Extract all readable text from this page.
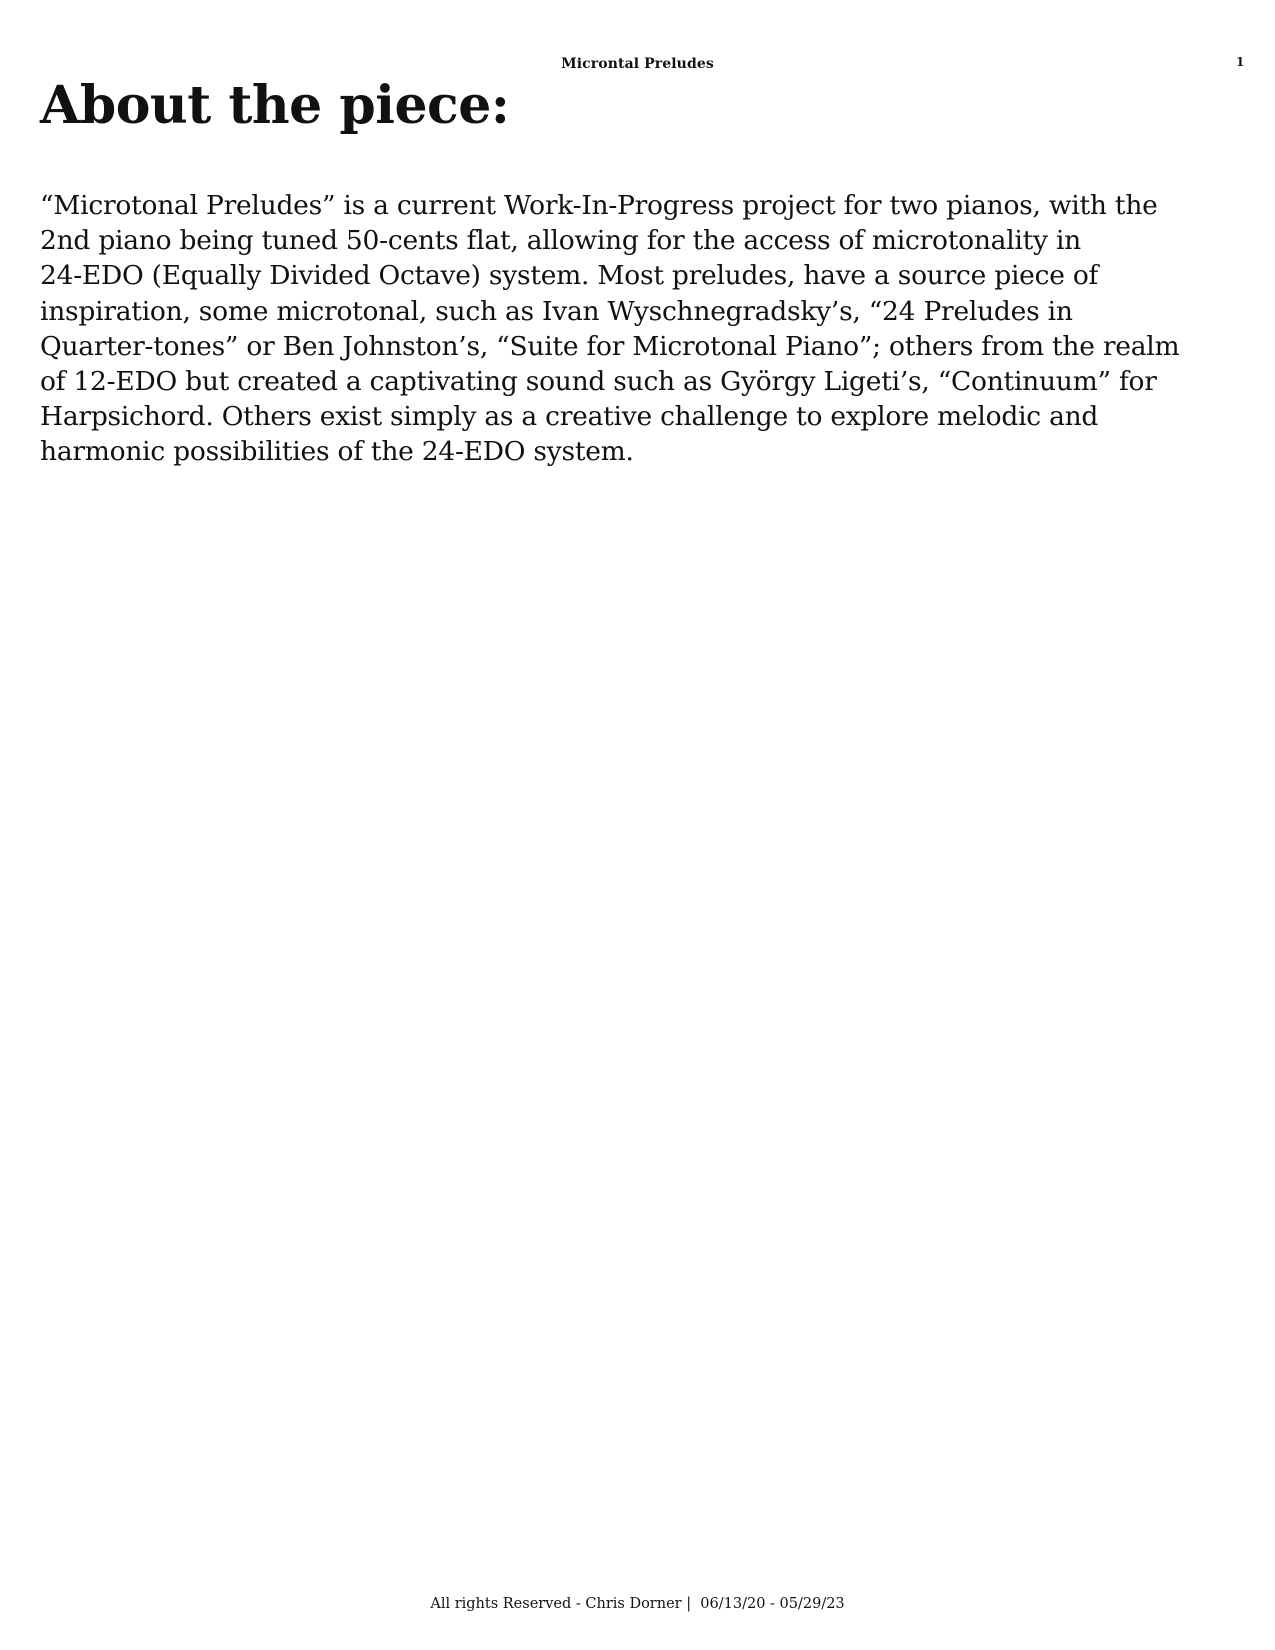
Microntal Preludes	1
About the piece:
“Microtonal Preludes” is a current Work-In-Progress project for two pianos, with the
2nd piano being tuned 50-cents flat, allowing for the access of microtonality in
24-EDO (Equally Divided Octave) system. Most preludes, have a source piece of
inspiration, some microtonal, such as Ivan Wyschnegradsky’s, “24 Preludes in
Quarter-tones” or Ben Johnston’s, “Suite for Microtonal Piano”; others from the realm
of 12-EDO but created a captivating sound such as György Ligeti’s, “Continuum” for
Harpsichord. Others exist simply as a creative challenge to explore melodic and
harmonic possibilities of the 24-EDO system.
All rights Reserved - Chris Dorner |  06/13/20 - 05/29/23
